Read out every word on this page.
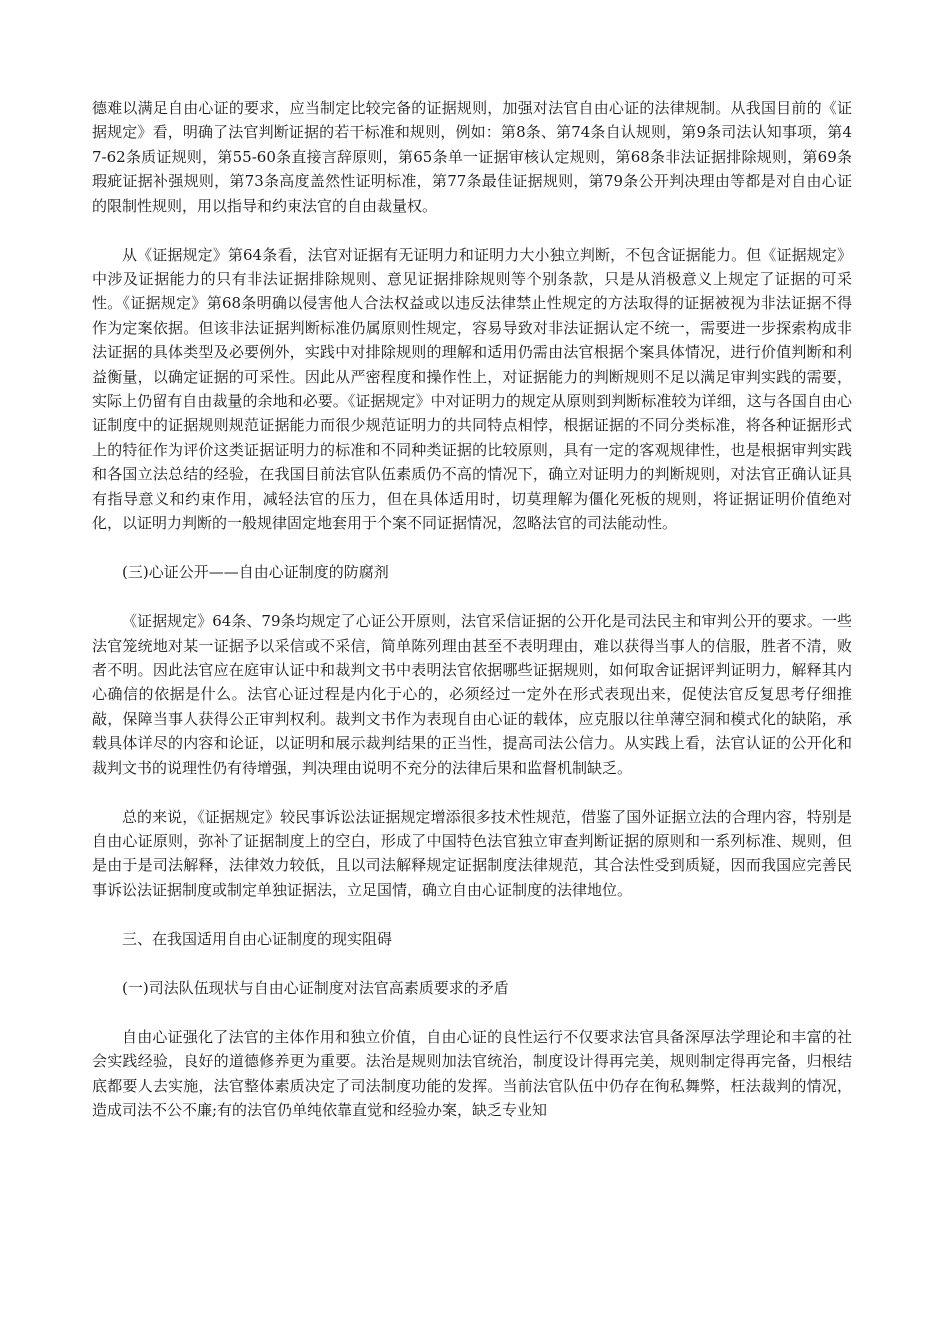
德难以满足自由心证的要求，应当制定比较完备的证据规则，加强对法官自由心证的法律规制。从我国目前的《证据规定》看，明确了法官判断证据的若干标准和规则，例如：第8条、第74条自认规则，第9条司法认知事项，第47-62条质证规则，第55-60条直接言辞原则，第65条单一证据审核认定规则，第68条非法证据排除规则，第69条瑕疵证据补强规则，第73条高度盖然性证明标准，第77条最佳证据规则，第79条公开判决理由等都是对自由心证的限制性规则，用以指导和约束法官的自由裁量权。

从《证据规定》第64条看，法官对证据有无证明力和证明力大小独立判断，不包含证据能力。但《证据规定》中涉及证据能力的只有非法证据排除规则、意见证据排除规则等个别条款，只是从消极意义上规定了证据的可采性。《证据规定》第68条明确以侵害他人合法权益或以违反法律禁止性规定的方法取得的证据被视为非法证据不得作为定案依据。但该非法证据判断标准仍属原则性规定，容易导致对非法证据认定不统一，需要进一步探索构成非法证据的具体类型及必要例外，实践中对排除规则的理解和适用仍需由法官根据个案具体情况，进行价值判断和利益衡量，以确定证据的可采性。因此从严密程度和操作性上，对证据能力的判断规则不足以满足审判实践的需要，实际上仍留有自由裁量的余地和必要。《证据规定》中对证明力的规定从原则到判断标准较为详细，这与各国自由心证制度中的证据规则规范证据能力而很少规范证明力的共同特点相悖，根据证据的不同分类标准，将各种证据形式上的特征作为评价这类证据证明力的标准和不同种类证据的比较原则，具有一定的客观规律性，也是根据审判实践和各国立法总结的经验，在我国目前法官队伍素质仍不高的情况下，确立对证明力的判断规则，对法官正确认证具有指导意义和约束作用，减轻法官的压力，但在具体适用时，切莫理解为僵化死板的规则，将证据证明价值绝对化，以证明力判断的一般规律固定地套用于个案不同证据情况，忽略法官的司法能动性。

(三)心证公开——自由心证制度的防腐剂

《证据规定》64条、79条均规定了心证公开原则，法官采信证据的公开化是司法民主和审判公开的要求。一些法官笼统地对某一证据予以采信或不采信，简单陈列理由甚至不表明理由，难以获得当事人的信服，胜者不清，败者不明。因此法官应在庭审认证中和裁判文书中表明法官依据哪些证据规则，如何取舍证据评判证明力，解释其内心确信的依据是什么。法官心证过程是内化于心的，必须经过一定外在形式表现出来，促使法官反复思考仔细推敲，保障当事人获得公正审判权利。裁判文书作为表现自由心证的载体，应克服以往单薄空洞和模式化的缺陷，承载具体详尽的内容和论证，以证明和展示裁判结果的正当性，提高司法公信力。从实践上看，法官认证的公开化和裁判文书的说理性仍有待增强，判决理由说明不充分的法律后果和监督机制缺乏。

总的来说，《证据规定》较民事诉讼法证据规定增添很多技术性规范，借鉴了国外证据立法的合理内容，特别是自由心证原则，弥补了证据制度上的空白，形成了中国特色法官独立审查判断证据的原则和一系列标准、规则，但是由于是司法解释，法律效力较低，且以司法解释规定证据制度法律规范，其合法性受到质疑，因而我国应完善民事诉讼法证据制度或制定单独证据法，立足国情，确立自由心证制度的法律地位。

三、在我国适用自由心证制度的现实阻碍

(一)司法队伍现状与自由心证制度对法官高素质要求的矛盾

自由心证强化了法官的主体作用和独立价值，自由心证的良性运行不仅要求法官具备深厚法学理论和丰富的社会实践经验，良好的道德修养更为重要。法治是规则加法官统治，制度设计得再完美，规则制定得再完备，归根结底都要人去实施，法官整体素质决定了司法制度功能的发挥。当前法官队伍中仍存在徇私舞弊，枉法裁判的情况，造成司法不公不廉;有的法官仍单纯依靠直觉和经验办案，缺乏专业知
